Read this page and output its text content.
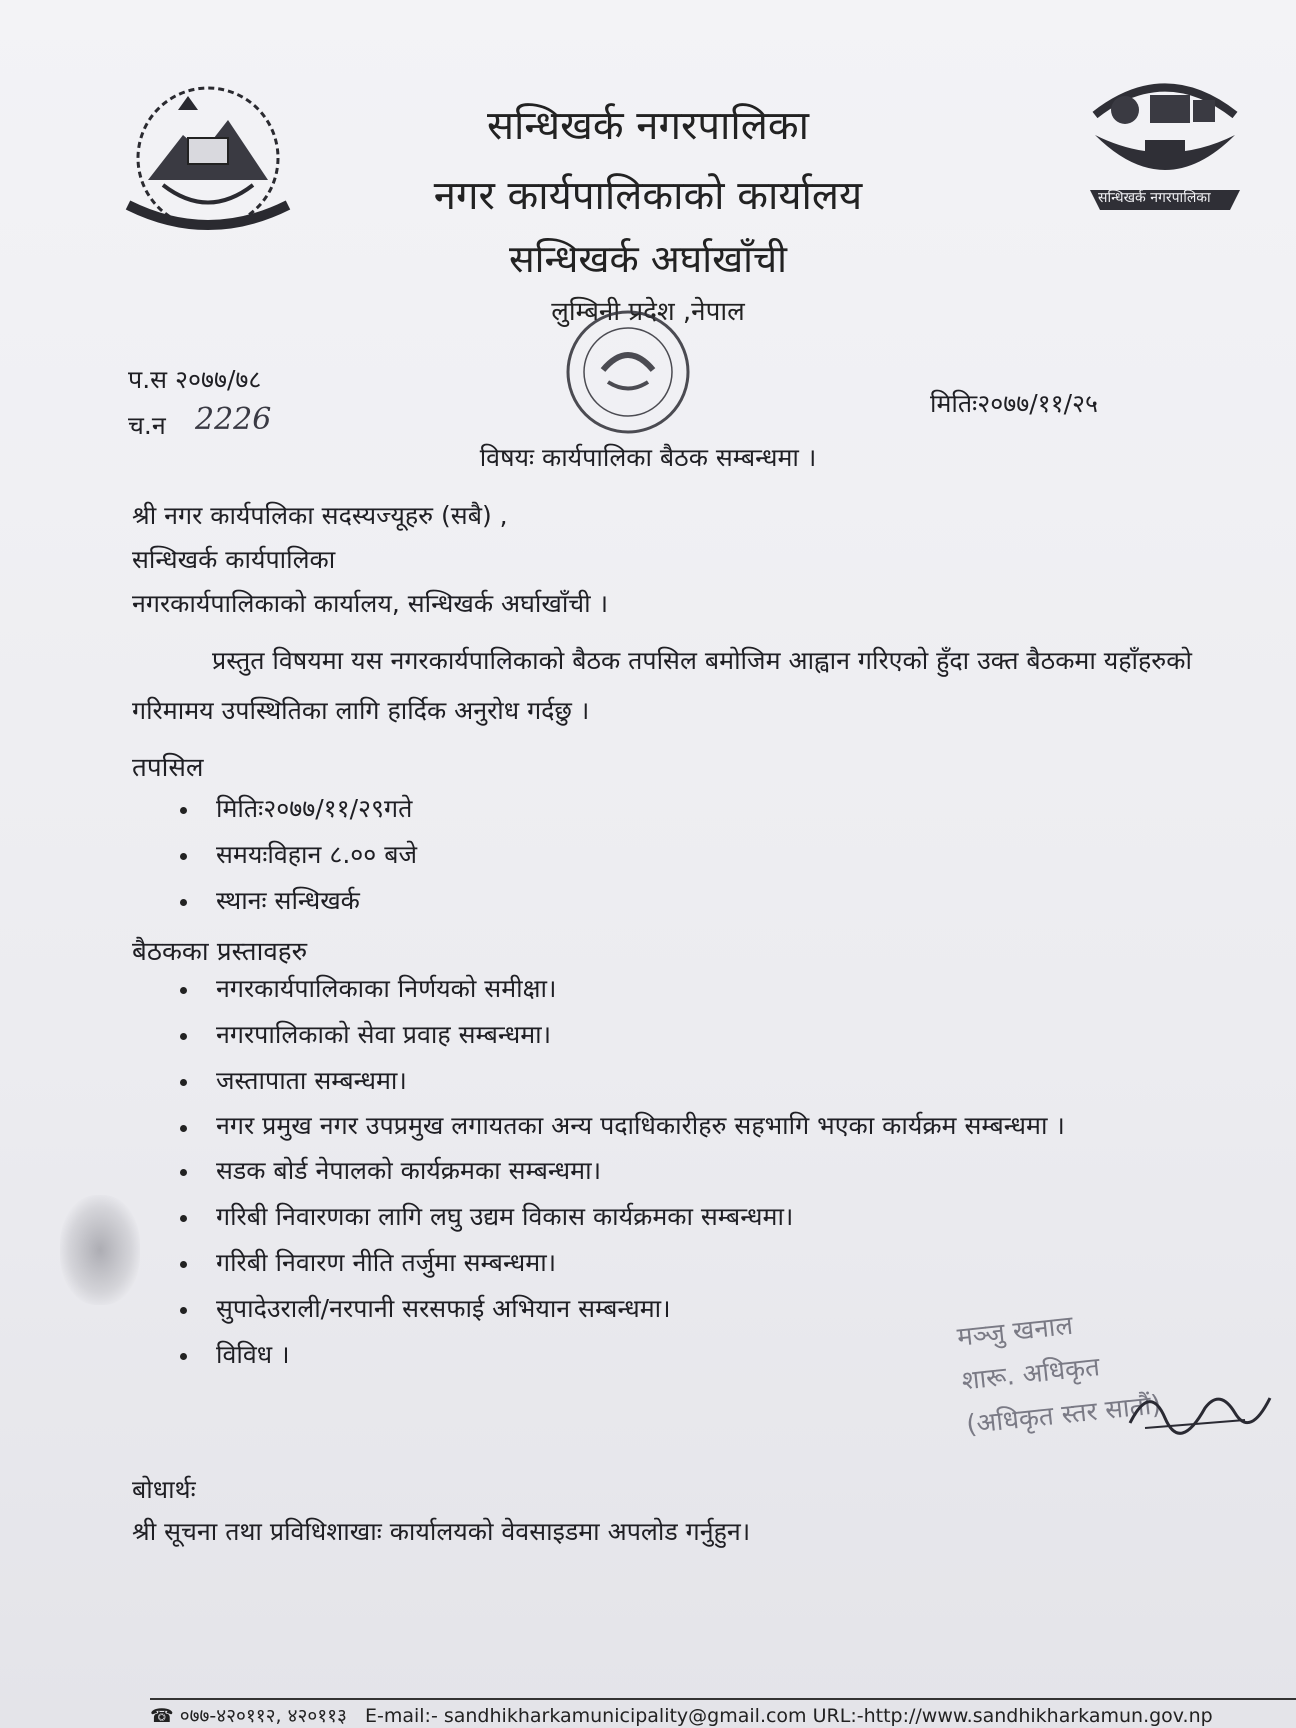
सन्धिखर्क नगरपालिका
सन्धिखर्क नगरपालिका
नगर कार्यपालिकाको कार्यालय
सन्धिखर्क अर्घाखाँची
लुम्बिनी प्रदेश ,नेपाल
प.स २०७७/७८
च.न 2226	मितिः२०७७/११/२५
विषयः कार्यपालिका बैठक सम्बन्धमा ।
श्री नगर कार्यपलिका सदस्यज्यूहरु (सबै) ,
सन्धिखर्क कार्यपालिका
नगरकार्यपालिकाको कार्यालय, सन्धिखर्क अर्घाखाँची ।
प्रस्तुत विषयमा यस नगरकार्यपालिकाको बैठक तपसिल बमोजिम आह्वान गरिएको हुँदा उक्त बैठकमा यहाँहरुको गरिमामय उपस्थितिका लागि हार्दिक अनुरोध गर्दछु ।
तपसिल
मितिः२०७७/११/२९गते
समयःविहान ८.०० बजे
स्थानः सन्धिखर्क
बैठकका प्रस्तावहरु
नगरकार्यपालिकाका निर्णयको समीक्षा।
नगरपालिकाको सेवा प्रवाह सम्बन्धमा।
जस्तापाता सम्बन्धमा।
नगर प्रमुख नगर उपप्रमुख लगायतका अन्य पदाधिकारीहरु सहभागि भएका कार्यक्रम सम्बन्धमा ।
सडक बोर्ड नेपालको कार्यक्रमका सम्बन्धमा।
गरिबी निवारणका लागि लघु उद्यम विकास कार्यक्रमका सम्बन्धमा।
गरिबी निवारण नीति तर्जुमा सम्बन्धमा।
सुपादेउराली/नरपानी सरसफाई अभियान सम्बन्धमा।
विविध ।
मञ्जु खनाल
शारू. अधिकृत
(अधिकृत स्तर सातौं)
बोधार्थः
श्री सूचना तथा प्रविधिशाखाः कार्यालयको वेवसाइडमा अपलोड गर्नुहुन।
☎ ०७७-४२०११२, ४२०११३ E-mail:- sandhikharkamunicipality@gmail.com URL:-http://www.sandhikharkamun.gov.np
